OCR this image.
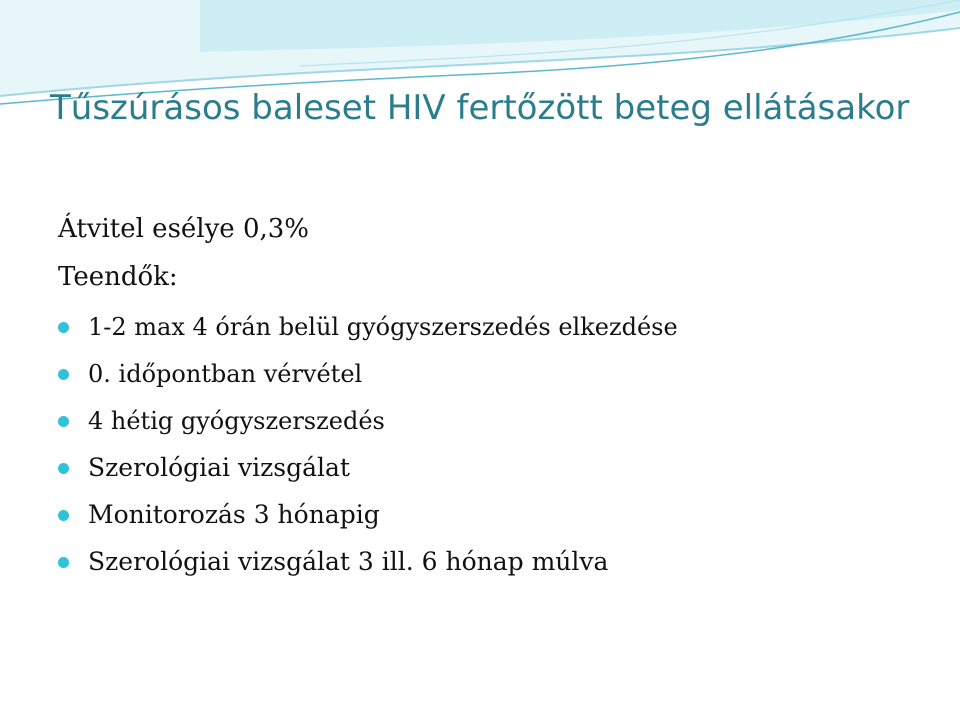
Tűszúrásos baleset HIV fertőzött beteg ellátásakor

Átvitel esélye 0,3%

Teendők:

1-2 max 4 órán belül gyógyszerszedés elkezdése
0. időpontban vérvétel
4 hétig gyógyszerszedés
Szerológiai vizsgálat
Monitorozás 3 hónapig
Szerológiai vizsgálat 3 ill. 6 hónap múlva
